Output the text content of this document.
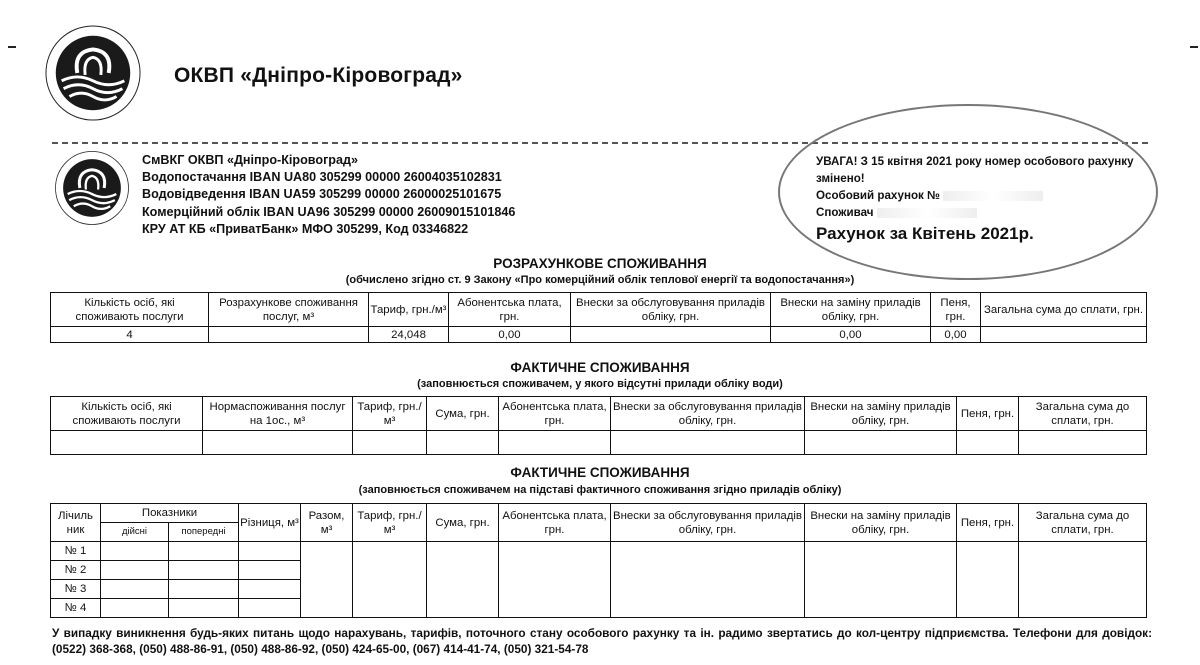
ОКВП «Дніпро-Кіровоград»
СмВКГ ОКВП «Дніпро-Кіровоград»
Водопостачання IBAN UA80 305299 00000 26004035102831
Водовідведення IBAN UA59 305299 00000 26000025101675
Комерційний облік IBAN UA96 305299 00000 26009015101846
КРУ АТ КБ «ПриватБанк» МФО 305299, Код 03346822
УВАГА! З 15 квітня 2021 року номер особового рахунку змінено!
Особовий рахунок №
Споживач
Рахунок за Квітень 2021р.
РОЗРАХУНКОВЕ СПОЖИВАННЯ
(обчислено згідно ст. 9 Закону «Про комерційний облік теплової енергії та водопостачання»)
Кількість осіб, які споживають послуги	Розрахункове споживання послуг, м³	Тариф, грн./м³	Абонентська плата, грн.	Внески за обслуговування приладів обліку, грн.	Внески на заміну приладів обліку, грн.	Пеня, грн.	Загальна сума до сплати, грн.
4		24,048	0,00		0,00	0,00	
ФАКТИЧНЕ СПОЖИВАННЯ
(заповнюється споживачем, у якого відсутні прилади обліку води)
Кількість осіб, які споживають послуги	Нормаспоживання послуг на 1ос., м³	Тариф, грн./м³	Сума, грн.	Абонентська плата, грн.	Внески за обслуговування приладів обліку, грн.	Внески на заміну приладів обліку, грн.	Пеня, грн.	Загальна сума до сплати, грн.

ФАКТИЧНЕ СПОЖИВАННЯ
(заповнюється споживачем на підставі фактичного споживання згідно приладів обліку)
Лічиль ник	Показники		Різниця, м³	Разом, м³	Тариф, грн./м³	Сума, грн.	Абонентська плата, грн.	Внески за обслуговування приладів обліку, грн.	Внески на заміну приладів обліку, грн.	Пеня, грн.	Загальна сума до сплати, грн.
	дійсні	попередні									
№ 1											
№ 2											
№ 3											
№ 4											
У випадку виникнення будь-яких питань щодо нарахувань, тарифів, поточного стану особового рахунку та ін. радимо звертатись до кол-центру підприємства. Телефони для довідок: (0522) 368-368, (050) 488-86-91, (050) 488-86-92, (050) 424-65-00, (067) 414-41-74, (050) 321-54-78
